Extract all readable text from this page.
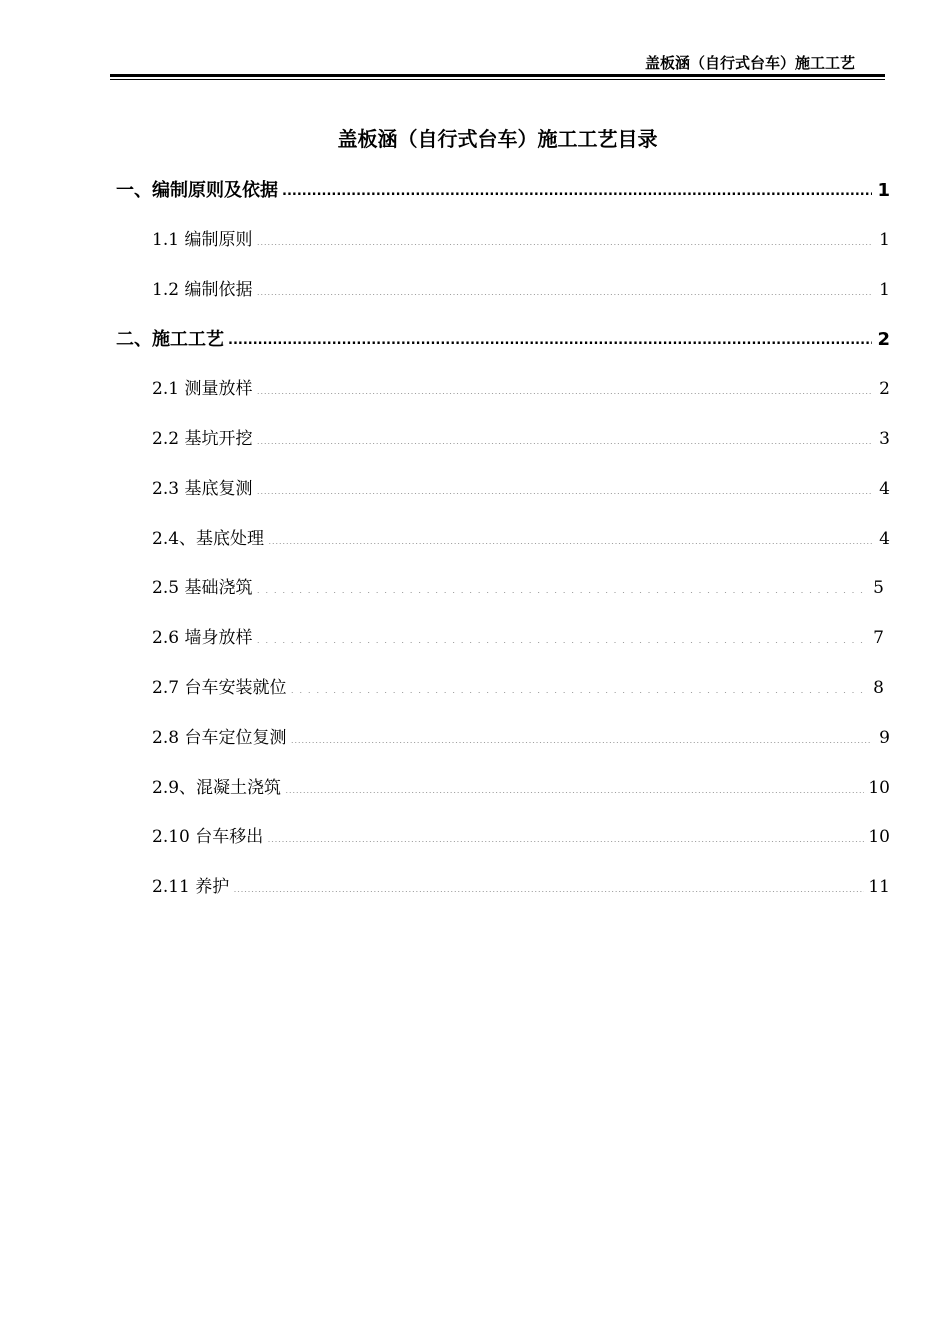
盖板涵（自行式台车）施工工艺
盖板涵（自行式台车）施工工艺目录
一、编制原则及依据 .....	1
1.1 编制原则 .....	1
1.2 编制依据 .....	1
二、施工工艺 .....	2
2.1 测量放样 .....	2
2.2 基坑开挖 .....	3
2.3 基底复测 .....	4
2.4、基底处理 .....	4
2.5 基础浇筑 .....	5
2.6 墙身放样 .....	7
2.7 台车安装就位 .....	8
2.8 台车定位复测 .....	9
2.9、混凝土浇筑 .....	10
2.10 台车移出 .....	10
2.11 养护 .....	11
